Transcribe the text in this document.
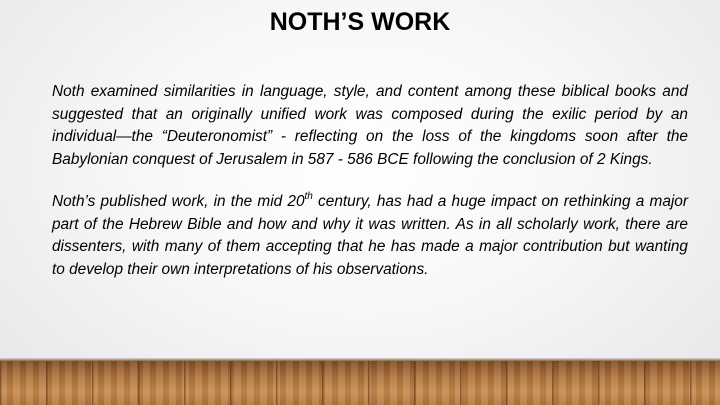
NOTH’S WORK

Noth examined similarities in language, style, and content among these biblical books and suggested that an originally unified work was composed during the exilic period by an individual—the “Deuteronomist” - reflecting on the loss of the kingdoms soon after the Babylonian conquest of Jerusalem in 587 - 586 BCE following the conclusion of 2 Kings.

Noth’s published work, in the mid 20th century, has had a huge impact on rethinking a major part of the Hebrew Bible and how and why it was written. As in all scholarly work, there are dissenters, with many of them accepting that he has made a major contribution but wanting to develop their own interpretations of his observations.
